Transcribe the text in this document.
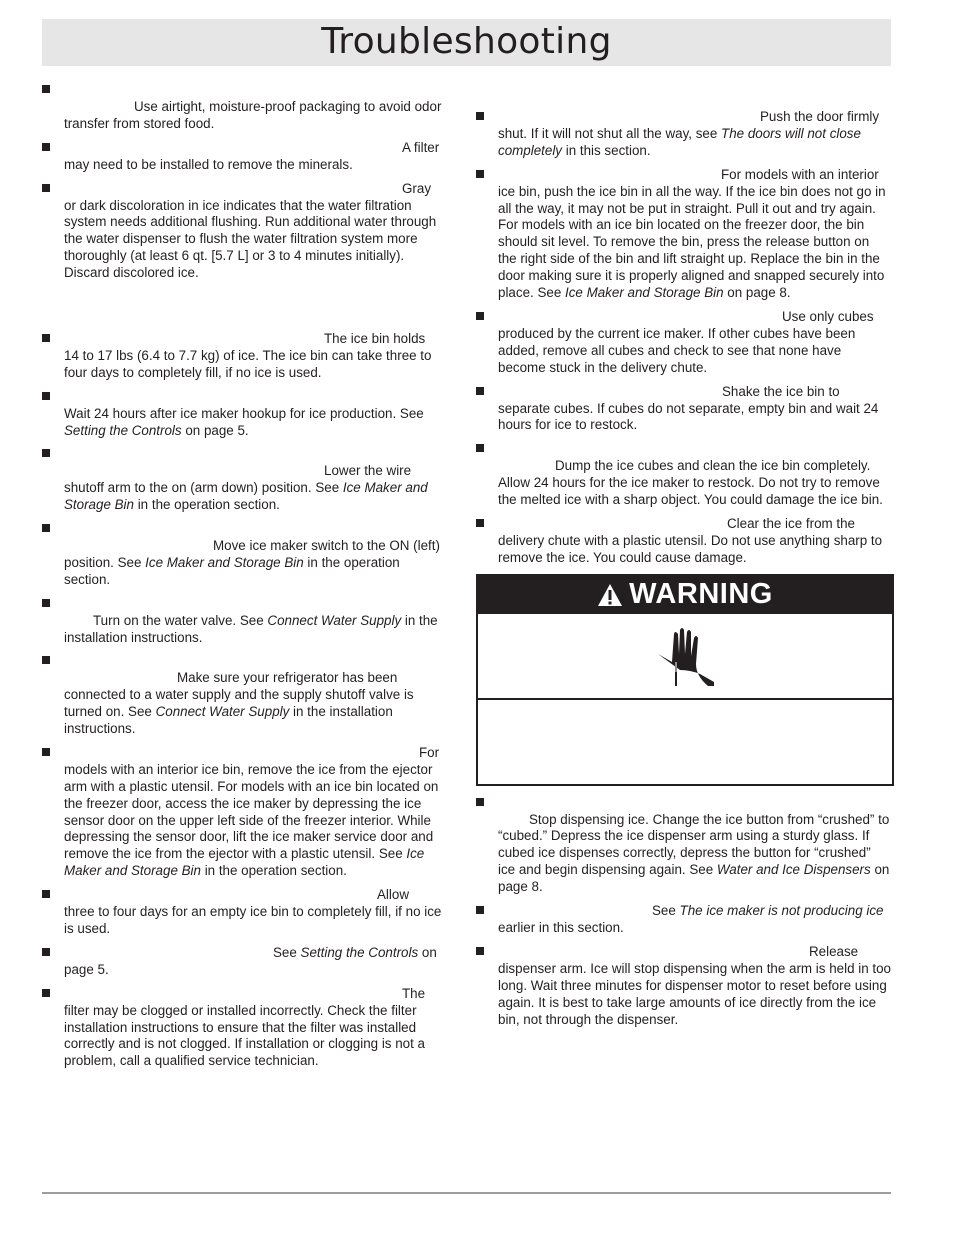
Troubleshooting
Use airtight, moisture-proof packaging to avoid odor transfer from stored food.
A filter may need to be installed to remove the minerals.
Gray or dark discoloration in ice indicates that the water filtration system needs additional flushing. Run additional water through the water dispenser to flush the water filtration system more thoroughly (at least 6 qt. [5.7 L] or 3 to 4 minutes initially). Discard discolored ice.
The ice bin holds 14 to 17 lbs (6.4 to 7.7 kg) of ice. The ice bin can take three to four days to completely fill, if no ice is used.
Wait 24 hours after ice maker hookup for ice production. See Setting the Controls on page 5.
Lower the wire shutoff arm to the on (arm down) position. See Ice Maker and Storage Bin in the operation section.
Move ice maker switch to the ON (left) position. See Ice Maker and Storage Bin in the operation section.
Turn on the water valve. See Connect Water Supply in the installation instructions.
Make sure your refrigerator has been connected to a water supply and the supply shutoff valve is turned on. See Connect Water Supply in the installation instructions.
For models with an interior ice bin, remove the ice from the ejector arm with a plastic utensil. For models with an ice bin located on the freezer door, access the ice maker by depressing the ice sensor door on the upper left side of the freezer interior. While depressing the sensor door, lift the ice maker service door and remove the ice from the ejector with a plastic utensil. See Ice Maker and Storage Bin in the operation section.
Allow three to four days for an empty ice bin to completely fill, if no ice is used.
See Setting the Controls on page 5.
The filter may be clogged or installed incorrectly. Check the filter installation instructions to ensure that the filter was installed correctly and is not clogged. If installation or clogging is not a problem, call a qualified service technician.
Push the door firmly shut. If it will not shut all the way, see The doors will not close completely in this section.
For models with an interior ice bin, push the ice bin in all the way. If the ice bin does not go in all the way, it may not be put in straight. Pull it out and try again. For models with an ice bin located on the freezer door, the bin should sit level. To remove the bin, press the release button on the right side of the bin and lift straight up. Replace the bin in the door making sure it is properly aligned and snapped securely into place. See Ice Maker and Storage Bin on page 8.
Use only cubes produced by the current ice maker. If other cubes have been added, remove all cubes and check to see that none have become stuck in the delivery chute.
Shake the ice bin to separate cubes. If cubes do not separate, empty bin and wait 24 hours for ice to restock.
Dump the ice cubes and clean the ice bin completely. Allow 24 hours for the ice maker to restock. Do not try to remove the melted ice with a sharp object. You could damage the ice bin.
Clear the ice from the delivery chute with a plastic utensil. Do not use anything sharp to remove the ice. You could cause damage.
WARNING
Stop dispensing ice. Change the ice button from “crushed” to “cubed.” Depress the ice dispenser arm using a sturdy glass. If cubed ice dispenses correctly, depress the button for “crushed” ice and begin dispensing again. See Water and Ice Dispensers on page 8.
See The ice maker is not producing ice earlier in this section.
Release dispenser arm. Ice will stop dispensing when the arm is held in too long. Wait three minutes for dispenser motor to reset before using again. It is best to take large amounts of ice directly from the ice bin, not through the dispenser.
